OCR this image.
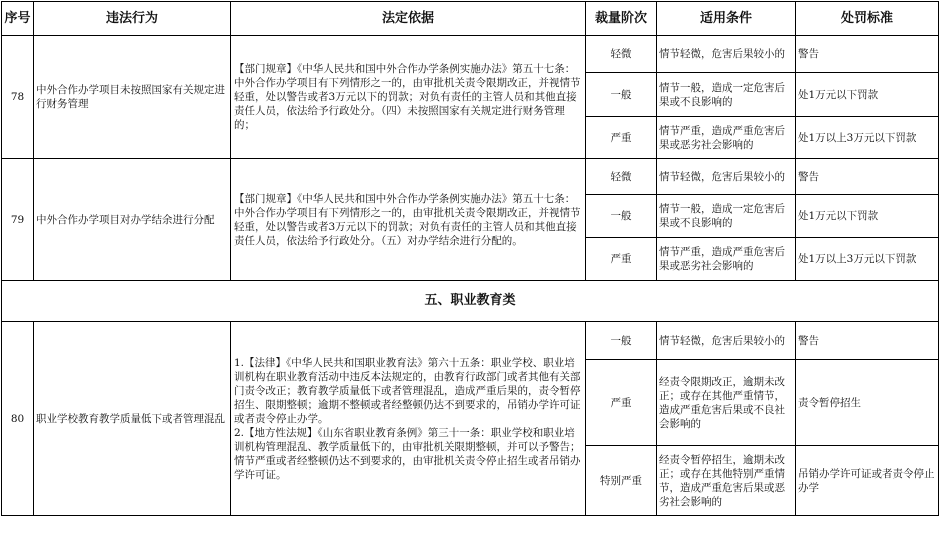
序号	违法行为	法定依据	裁量阶次	适用条件	处罚标准
78	中外合作办学项目未按照国家有关规定进行财务管理	【部门规章】《中华人民共和国中外合作办学条例实施办法》第五十七条：中外合作办学项目有下列情形之一的，由审批机关责令限期改正，并视情节轻重，处以警告或者3万元以下的罚款；对负有责任的主管人员和其他直接责任人员，依法给予行政处分。（四）未按照国家有关规定进行财务管理的；	轻微	情节轻微，危害后果较小的	警告
			一般	情节一般，造成一定危害后果或不良影响的	处1万元以下罚款
			严重	情节严重，造成严重危害后果或恶劣社会影响的	处1万以上3万元以下罚款
79	中外合作办学项目对办学结余进行分配	【部门规章】《中华人民共和国中外合作办学条例实施办法》第五十七条：中外合作办学项目有下列情形之一的，由审批机关责令限期改正，并视情节轻重，处以警告或者3万元以下的罚款；对负有责任的主管人员和其他直接责任人员，依法给予行政处分。（五）对办学结余进行分配的。	轻微	情节轻微，危害后果较小的	警告
			一般	情节一般，造成一定危害后果或不良影响的	处1万元以下罚款
			严重	情节严重，造成严重危害后果或恶劣社会影响的	处1万以上3万元以下罚款
五、职业教育类					
80	职业学校教育教学质量低下或者管理混乱	1.【法律】《中华人民共和国职业教育法》第六十五条：职业学校、职业培训机构在职业教育活动中违反本法规定的，由教育行政部门或者其他有关部门责令改正；教育教学质量低下或者管理混乱，造成严重后果的，责令暂停招生、限期整顿；逾期不整顿或者经整顿仍达不到要求的，吊销办学许可证或者责令停止办学。
2.【地方性法规】《山东省职业教育条例》第三十一条：职业学校和职业培训机构管理混乱、教学质量低下的，由审批机关限期整顿，并可以予警告；情节严重或者经整顿仍达不到要求的，由审批机关责令停止招生或者吊销办学许可证。	一般	情节轻微，危害后果较小的	警告
			严重	经责令限期改正，逾期未改正；或存在其他严重情节，造成严重危害后果或不良社会影响的	责令暂停招生
			特别严重	经责令暂停招生，逾期未改正；或存在其他特别严重情节，造成严重危害后果或恶劣社会影响的	吊销办学许可证或者责令停止办学
